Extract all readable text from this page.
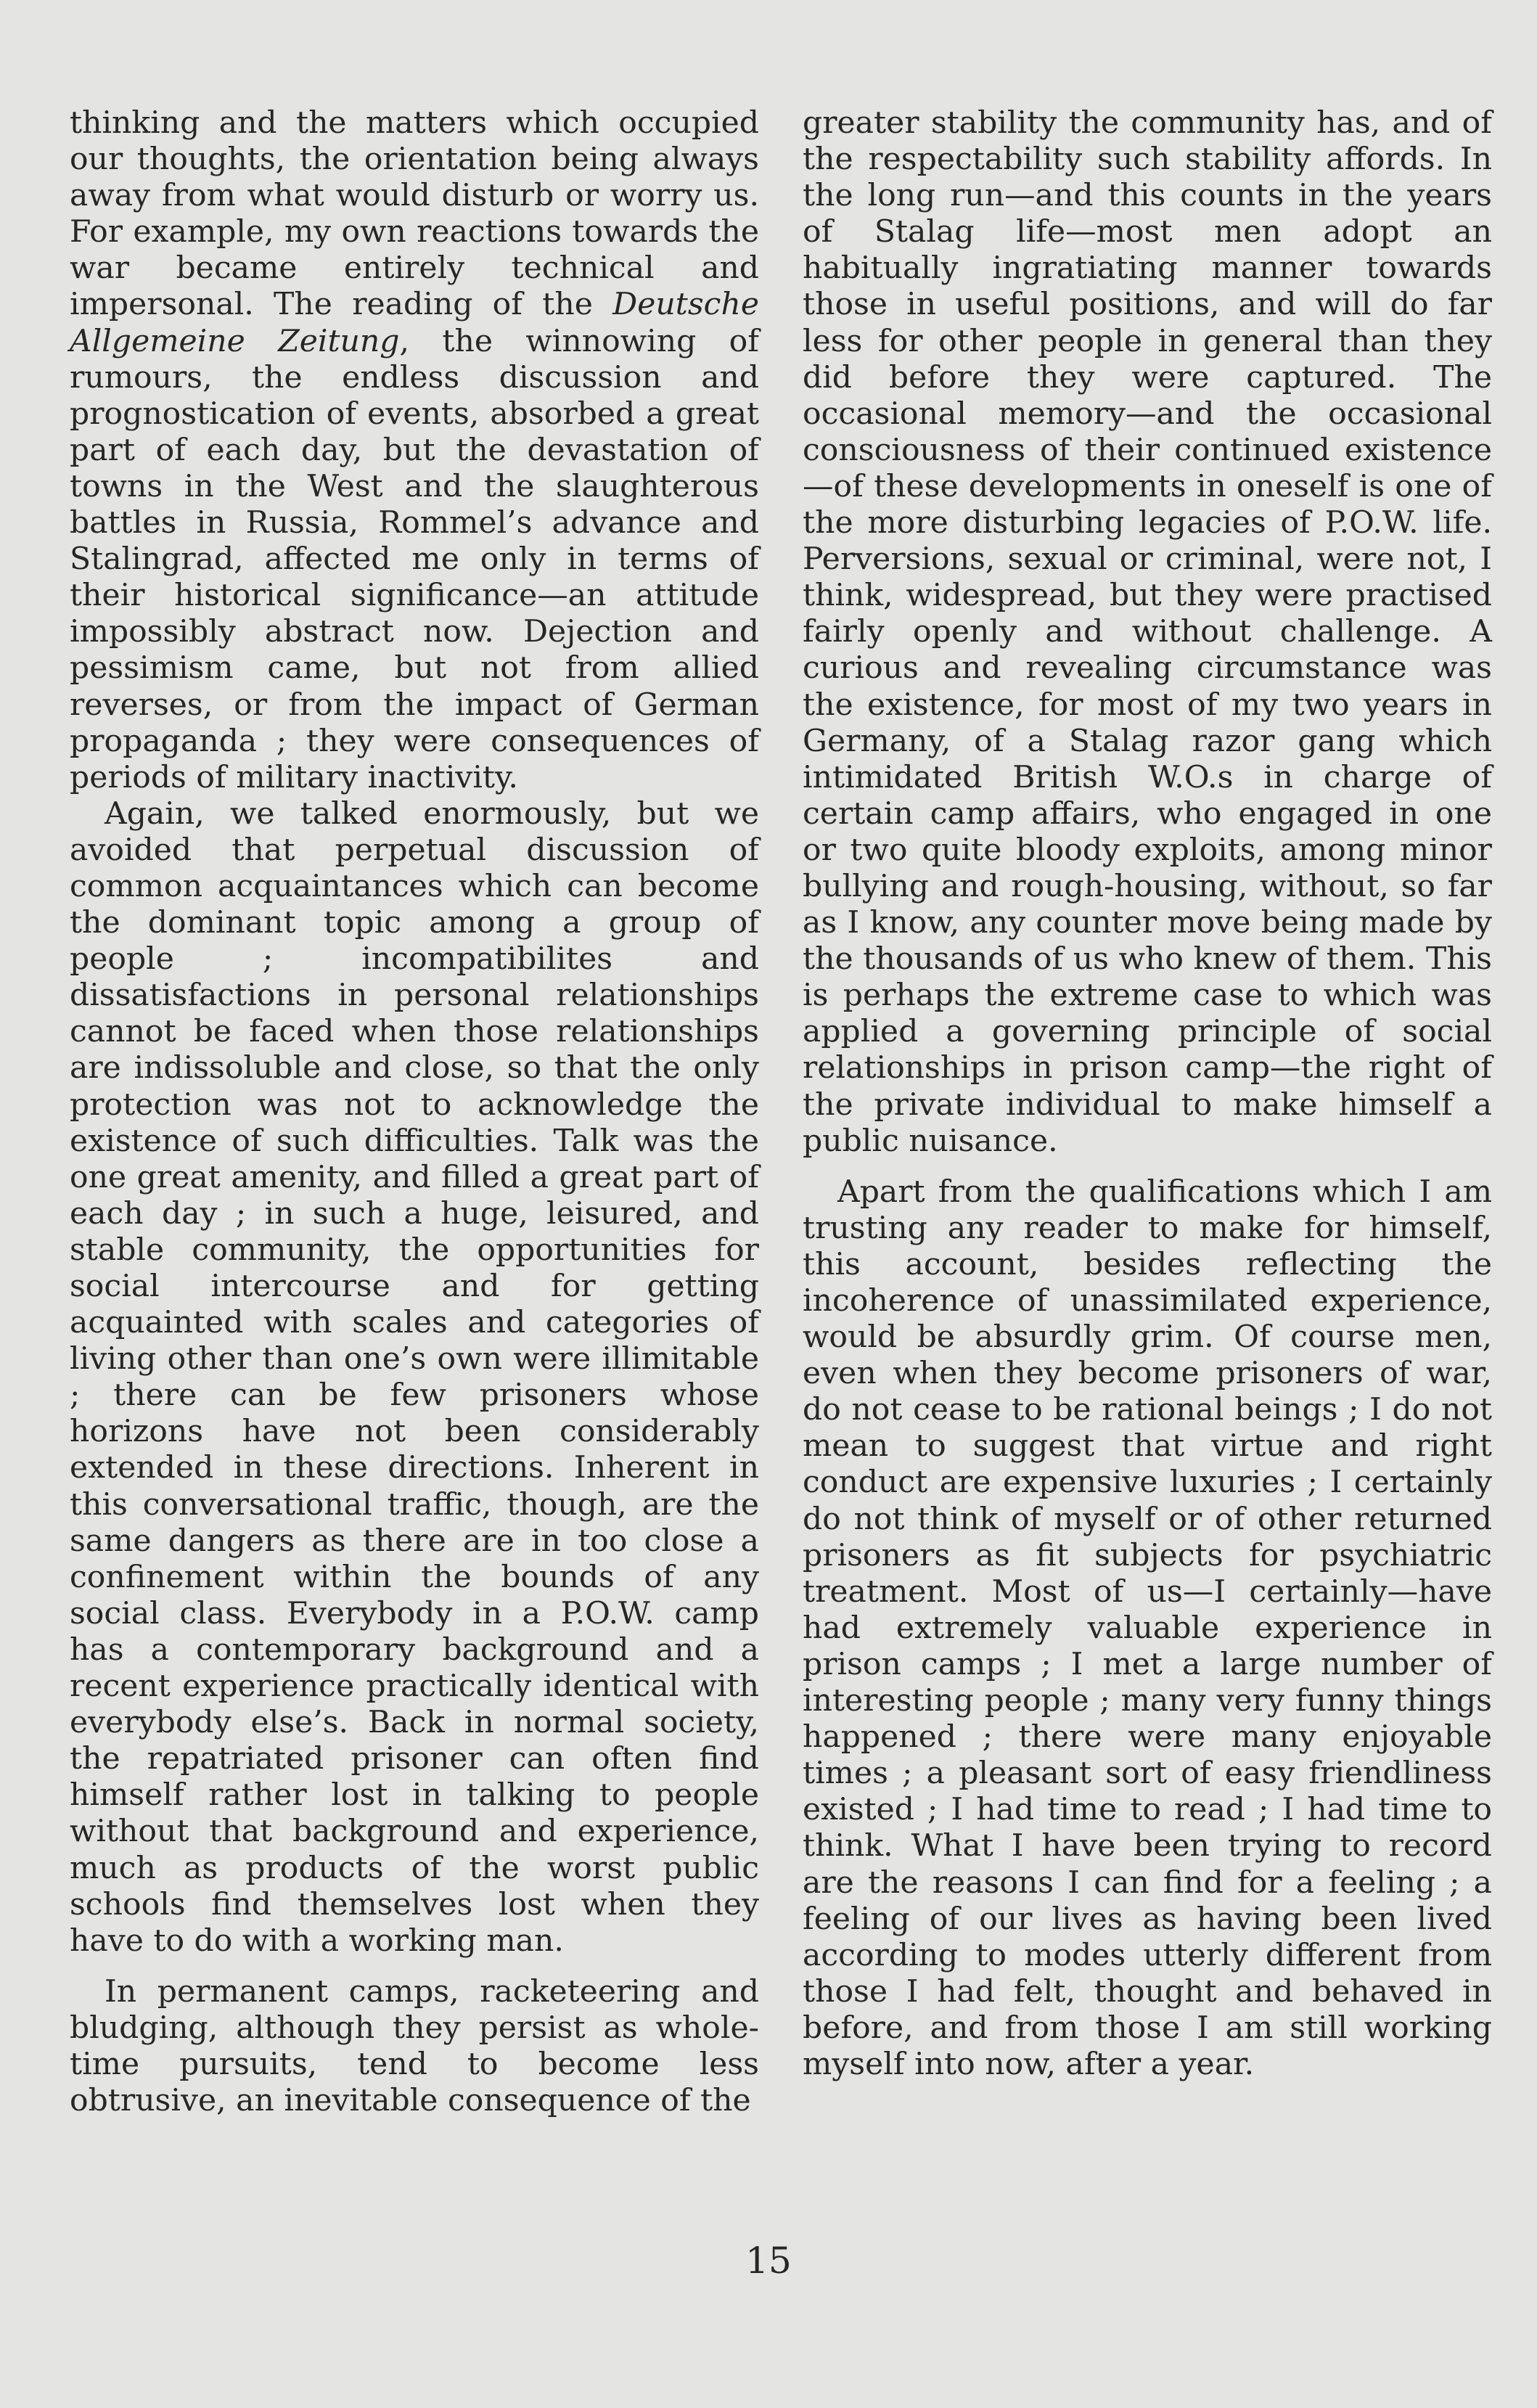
thinking and the matters which occupied our thoughts, the orientation being always away from what would disturb or worry us. For example, my own reactions towards the war became entirely technical and impersonal. The reading of the Deutsche Allgemeine Zeitung, the winnowing of rumours, the endless discussion and prognostication of events, absorbed a great part of each day, but the devastation of towns in the West and the slaughterous battles in Russia, Rommel’s advance and Stalingrad, affected me only in terms of their historical significance—an attitude impossibly abstract now. Dejection and pessimism came, but not from allied reverses, or from the impact of German propaganda ; they were consequences of periods of military inactivity.

Again, we talked enormously, but we avoided that perpetual discussion of common acquaintances which can become the dominant topic among a group of people ; incompatibilites and dissatisfactions in personal relationships cannot be faced when those relationships are indissoluble and close, so that the only protection was not to acknowledge the existence of such difficulties. Talk was the one great amenity, and filled a great part of each day ; in such a huge, leisured, and stable community, the opportunities for social intercourse and for getting acquainted with scales and categories of living other than one’s own were illimitable ; there can be few prisoners whose horizons have not been considerably extended in these directions. Inherent in this conversational traffic, though, are the same dangers as there are in too close a confinement within the bounds of any social class. Everybody in a P.O.W. camp has a contemporary background and a recent experience practically identical with everybody else’s. Back in normal society, the repatriated prisoner can often find himself rather lost in talking to people without that background and experience, much as products of the worst public schools find themselves lost when they have to do with a working man.

In permanent camps, racketeering and bludging, although they persist as whole-time pursuits, tend to become less obtrusive, an inevitable consequence of the

greater stability the community has, and of the respectability such stability affords. In the long run—and this counts in the years of Stalag life—most men adopt an habitually ingratiating manner towards those in useful positions, and will do far less for other people in general than they did before they were captured. The occasional memory—and the occasional consciousness of their continued existence—of these developments in oneself is one of the more disturbing legacies of P.O.W. life. Perversions, sexual or criminal, were not, I think, widespread, but they were practised fairly openly and without challenge. A curious and revealing circumstance was the existence, for most of my two years in Germany, of a Stalag razor gang which intimidated British W.O.s in charge of certain camp affairs, who engaged in one or two quite bloody exploits, among minor bullying and rough-housing, without, so far as I know, any counter move being made by the thousands of us who knew of them. This is perhaps the extreme case to which was applied a governing principle of social relationships in prison camp—the right of the private individual to make himself a public nuisance.

Apart from the qualifications which I am trusting any reader to make for himself, this account, besides reflecting the incoherence of unassimilated experience, would be absurdly grim. Of course men, even when they become prisoners of war, do not cease to be rational beings ; I do not mean to suggest that virtue and right conduct are expensive luxuries ; I certainly do not think of myself or of other returned prisoners as fit subjects for psychiatric treatment. Most of us—I certainly—have had extremely valuable experience in prison camps ; I met a large number of interesting people ; many very funny things happened ; there were many enjoyable times ; a pleasant sort of easy friendliness existed ; I had time to read ; I had time to think. What I have been trying to record are the reasons I can find for a feeling ; a feeling of our lives as having been lived according to modes utterly different from those I had felt, thought and behaved in before, and from those I am still working myself into now, after a year.

15
